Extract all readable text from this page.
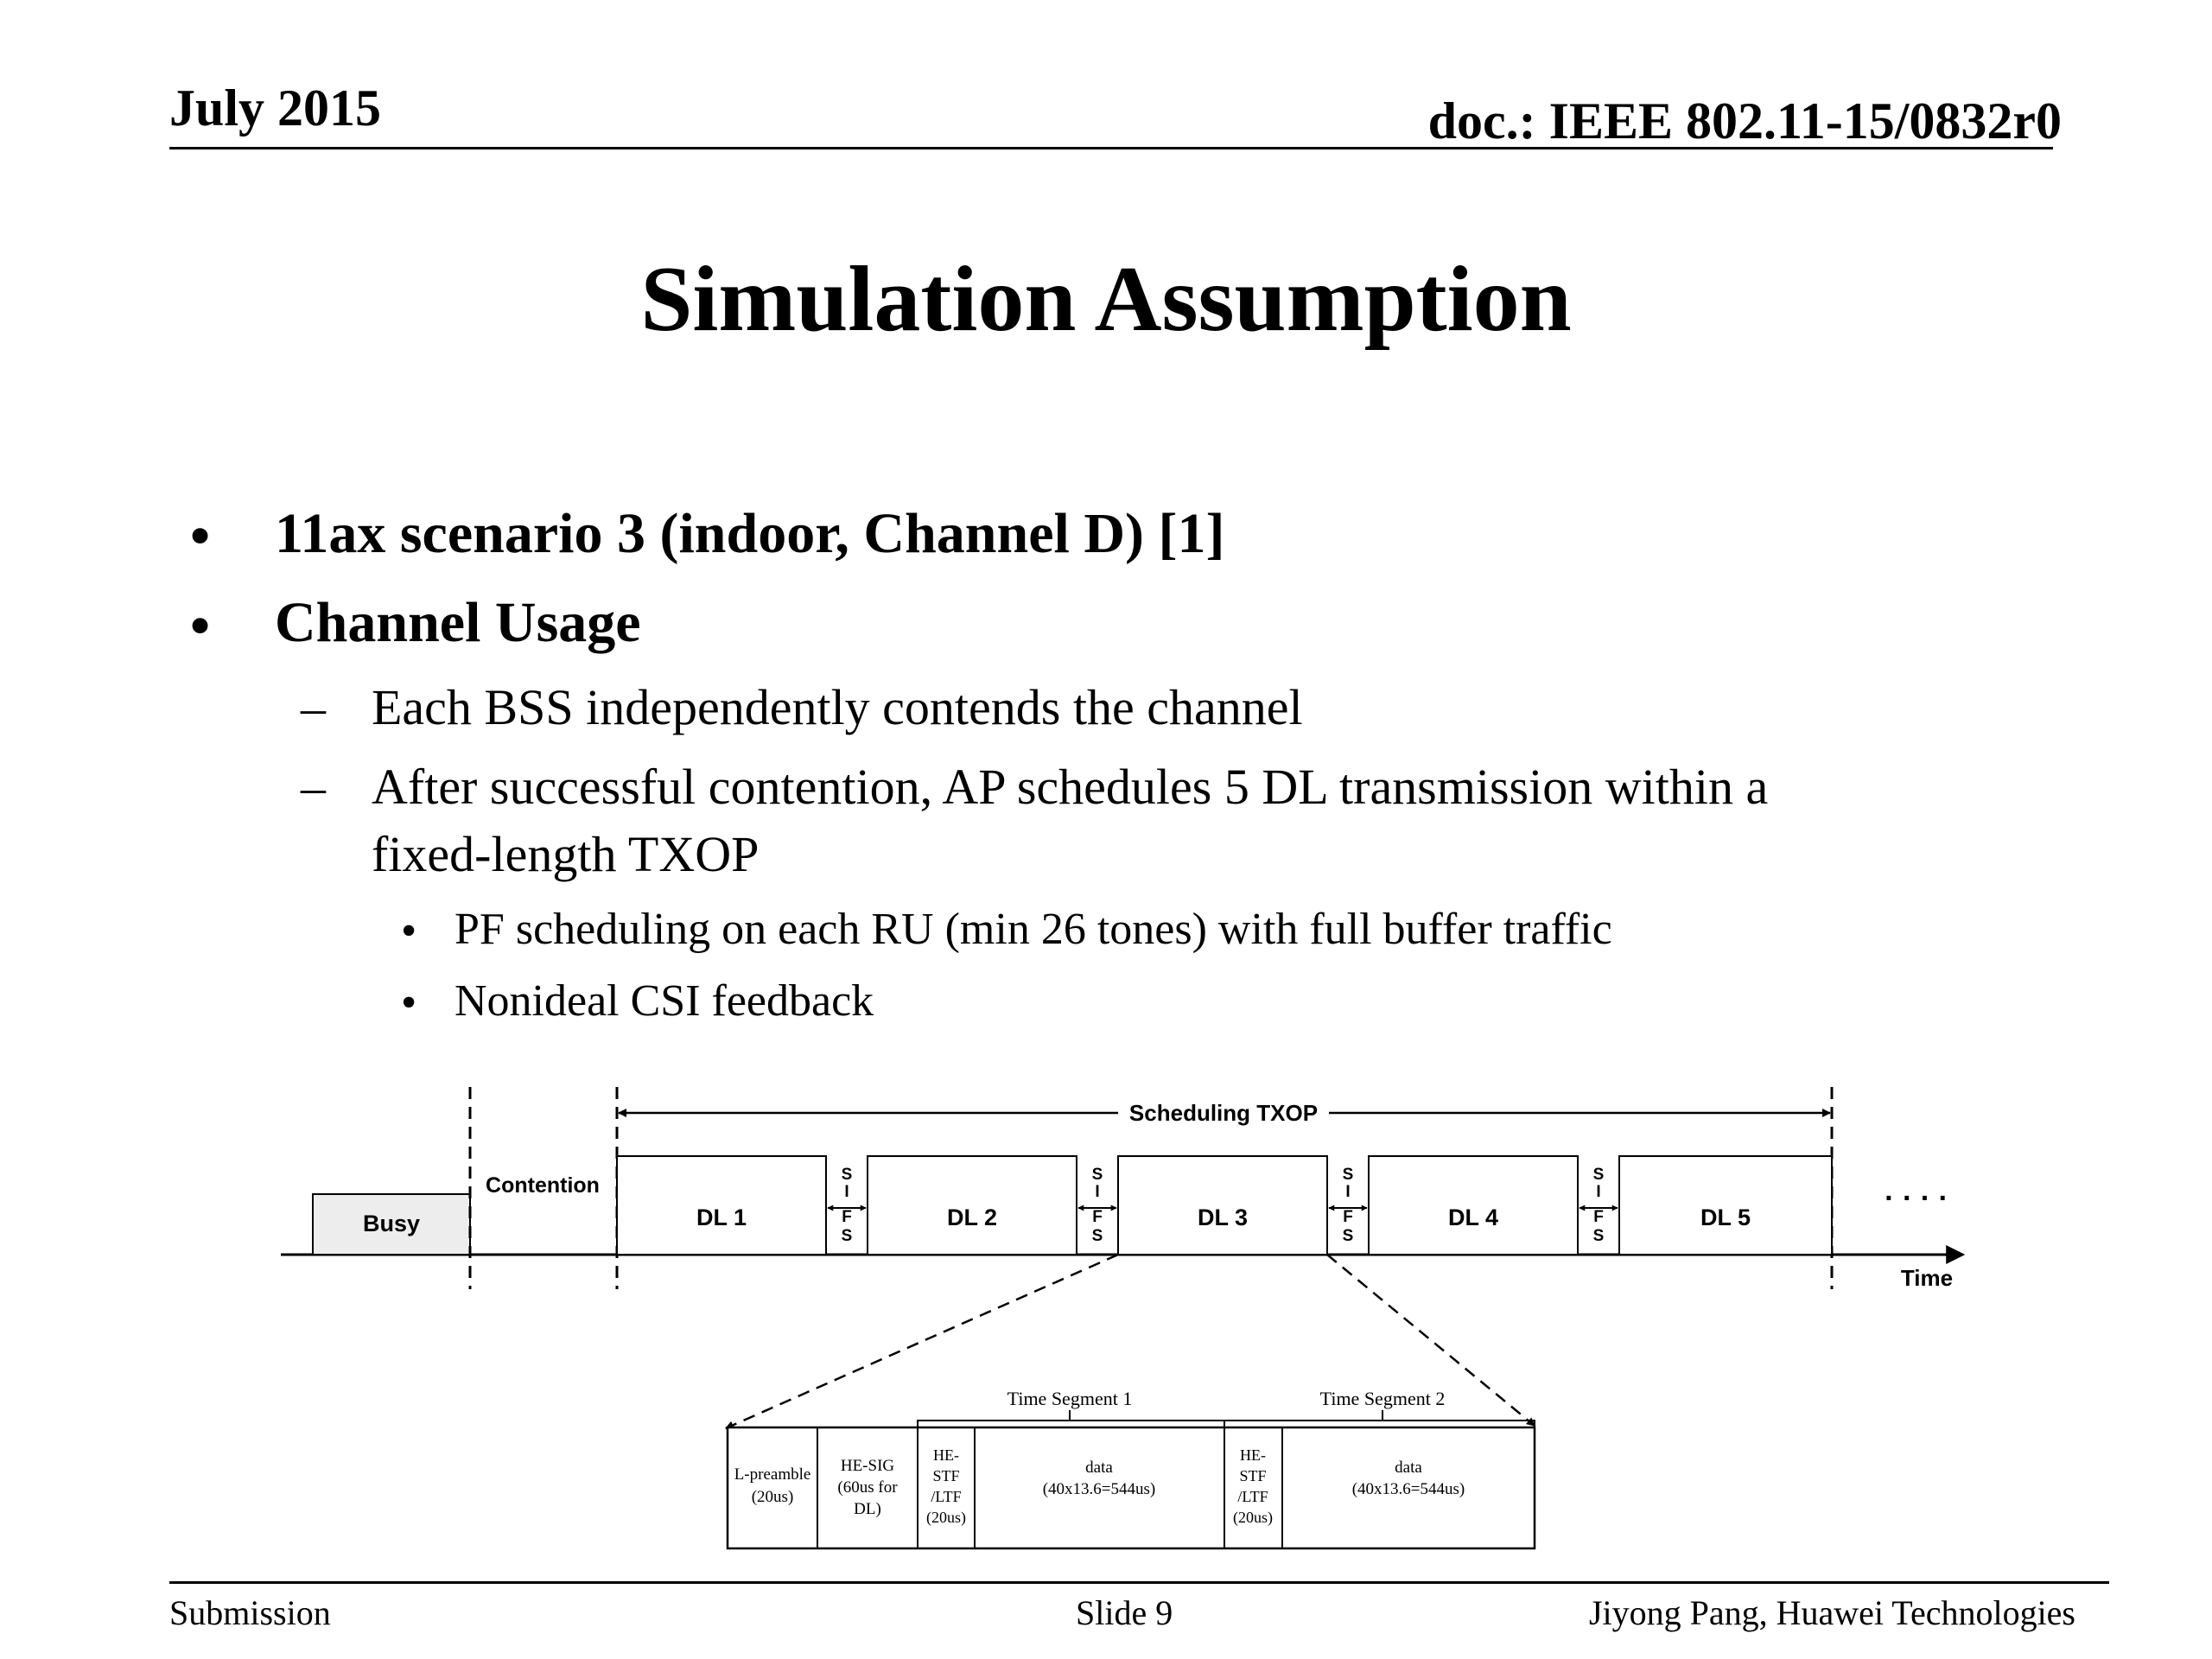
July 2015	doc.: IEEE 802.11-15/0832r0
Simulation Assumption
• 11ax scenario 3 (indoor, Channel D) [1]
• Channel Usage
– Each BSS independently contends the channel
– After successful contention, AP schedules 5 DL transmission within a
fixed-length TXOP
• PF scheduling on each RU (min 26 tones) with full buffer traffic
• Nonideal CSI feedback
Time
Busy
Contention
Scheduling TXOP
DL 1	DL 2	DL 3	DL 4	DL 5
S
I
F
S
S
I
F
S
S
I
F
S
S
I
F
S
· · · ·
Time Segment 1	Time Segment 2
L-preamble
(20us)
HE-SIG
(60us for
DL)
HE-
STF
/LTF
(20us)
data
(40x13.6=544us)
HE-
STF
/LTF
(20us)
data
(40x13.6=544us)
Submission	Slide 9	Jiyong Pang, Huawei Technologies
